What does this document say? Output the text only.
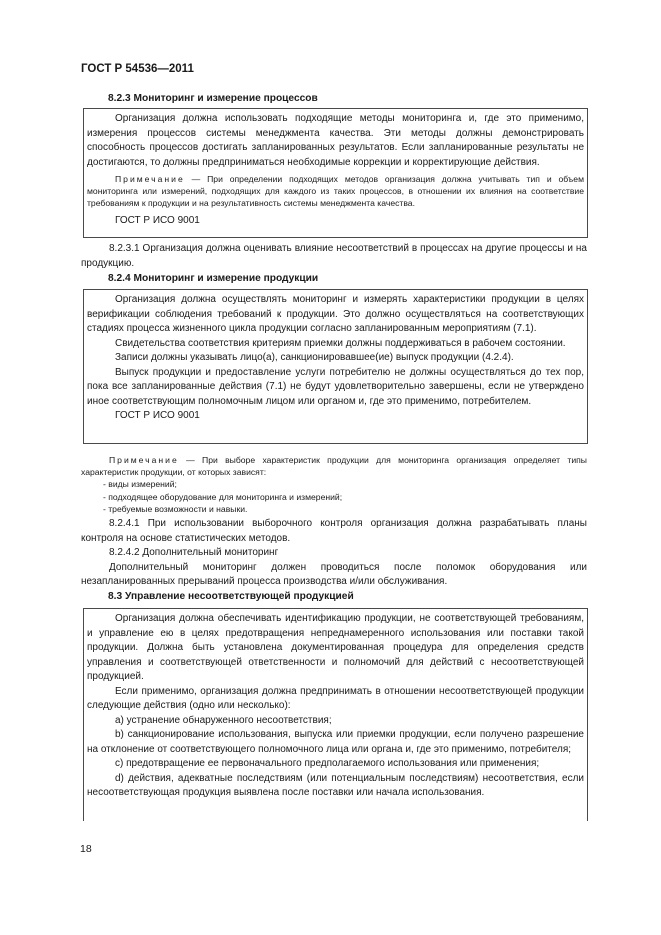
ГОСТ Р 54536—2011
8.2.3 Мониторинг и измерение процессов

Организация должна использовать подходящие методы мониторинга и, где это применимо, измерения процессов системы менеджмента качества. Эти методы должны демонстрировать способность процессов достигать запланированных результатов. Если запланированные результаты не достигаются, то должны предприниматься необходимые коррекции и корректирующие действия.

Примечание — При определении подходящих методов организация должна учитывать тип и объем мониторинга или измерений, подходящих для каждого из таких процессов, в отношении их влияния на соответствие требованиям к продукции и на результативность системы менеджмента качества.

ГОСТ Р ИСО 9001

8.2.3.1 Организация должна оценивать влияние несоответствий в процессах на другие процессы и на продукцию.

8.2.4 Мониторинг и измерение продукции

Организация должна осуществлять мониторинг и измерять характеристики продукции в целях верификации соблюдения требований к продукции. Это должно осуществляться на соответствующих стадиях процесса жизненного цикла продукции согласно запланированным мероприятиям (7.1).

Свидетельства соответствия критериям приемки должны поддерживаться в рабочем состоянии.

Записи должны указывать лицо(а), санкционировавшее(ие) выпуск продукции (4.2.4).

Выпуск продукции и предоставление услуги потребителю не должны осуществляться до тех пор, пока все запланированные действия (7.1) не будут удовлетворительно завершены, если не утверждено иное соответствующим полномочным лицом или органом и, где это применимо, потребителем.

ГОСТ Р ИСО 9001

Примечание — При выборе характеристик продукции для мониторинга организация определяет типы характеристик продукции, от которых зависят:

- виды измерений;
- подходящее оборудование для мониторинга и измерений;
- требуемые возможности и навыки.

8.2.4.1 При использовании выборочного контроля организация должна разрабатывать планы контроля на основе статистических методов.

8.2.4.2 Дополнительный мониторинг

Дополнительный мониторинг должен проводиться после поломок оборудования или незапланированных прерываний процесса производства и/или обслуживания.

8.3 Управление несоответствующей продукцией

Организация должна обеспечивать идентификацию продукции, не соответствующей требованиям, и управление ею в целях предотвращения непреднамеренного использования или поставки такой продукции. Должна быть установлена документированная процедура для определения средств управления и соответствующей ответственности и полномочий для действий с несоответствующей продукцией.

Если применимо, организация должна предпринимать в отношении несоответствующей продукции следующие действия (одно или несколько):

a) устранение обнаруженного несоответствия;

b) санкционирование использования, выпуска или приемки продукции, если получено разрешение на отклонение от соответствующего полномочного лица или органа и, где это применимо, потребителя;

c) предотвращение ее первоначального предполагаемого использования или применения;

d) действия, адекватные последствиям (или потенциальным последствиям) несоответствия, если несоответствующая продукция выявлена после поставки или начала использования.

18
